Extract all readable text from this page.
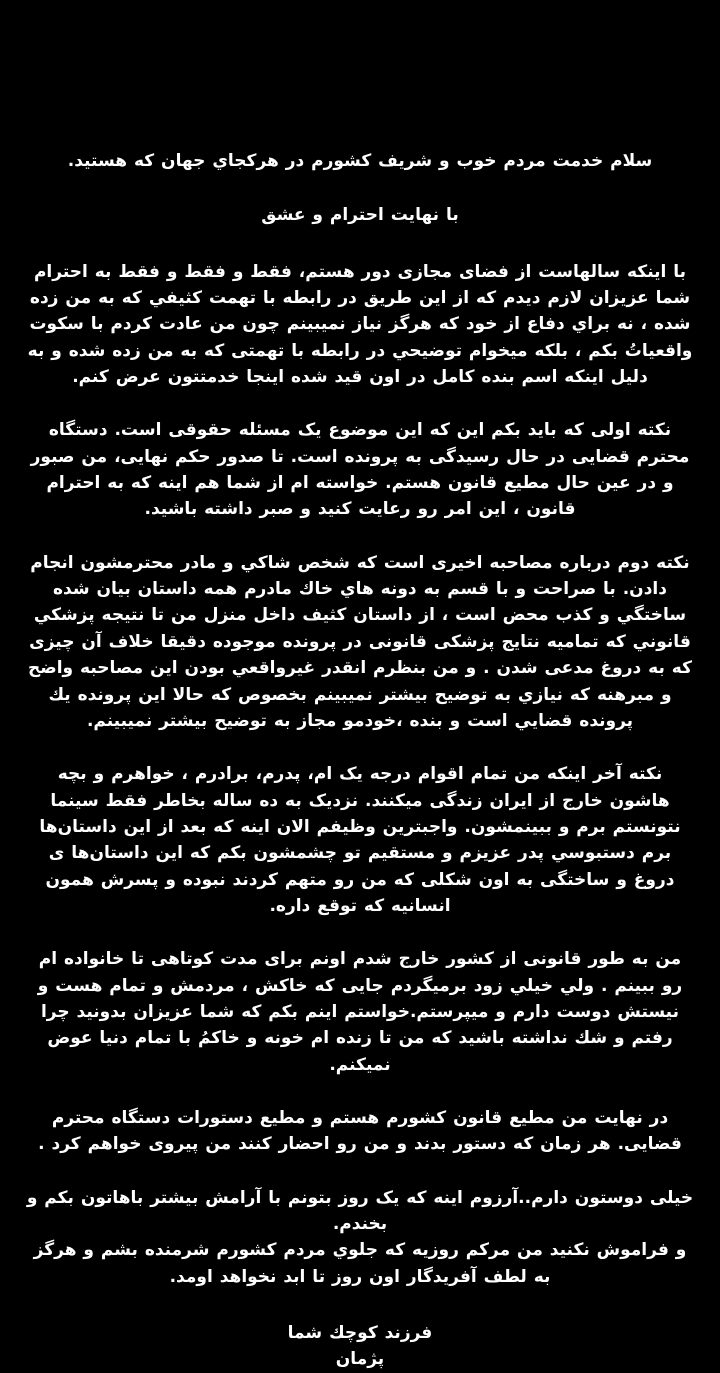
سلام خدمت مردم خوب و شریف کشورم در هرکجاي جهان که هستید.

با نهایت احترام و عشق

با اینکه سالهاست از فضای مجازی دور هستم، فقط و فقط و فقط به احترام شما عزیزان لازم دیدم که از این طریق در رابطه با تهمت کثیفي که به من زده شده ، نه براي دفاع از خود که هرگز نیاز نمیبینم چون من عادت کردم با سکوت واقعیاتُ بکم ، بلکه میخوام توضیحي در رابطه با تهمتی که به من زده شده و به دلیل اینکه اسم بنده کامل در اون قید شده اینجا خدمتتون عرض کنم.

نکته اولی که باید بکم این که این موضوع یک مسئله حقوقی است. دستگاه محترم قضایی در حال رسیدگی به پرونده است. تا صدور حکم نهایی، من صبور و در عین حال مطیع قانون هستم. خواسته ام از شما هم اینه که به احترام قانون ، این امر رو رعایت کنید و صبر داشته باشید.

نکته دوم درباره مصاحبه اخیری است که شخص شاکي و مادر محترمشون انجام دادن. با صراحت و با قسم به دونه هاي خاك مادرم همه داستان بیان شده ساختگي و کذب محض است ، از داستان کثیف داخل منزل من تا نتیجه پزشكي قانوني که تمامیه نتایج پزشکی قانونی در پرونده موجوده دقیقا خلاف آن چیزی که به دروغ مدعی شدن . و من بنظرم انقدر غیرواقعي بودن این مصاحبه واضح و مبرهنه که نیازي به توضیح بیشتر نمیبینم بخصوص که حالا این پرونده یك پرونده قضايي است و بنده ،خودمو مجاز به توضیح بیشتر نمیبینم.

نکته آخر اینکه من تمام اقوام درجه یک ام، پدرم، برادرم ، خواهرم و بچه هاشون خارج از ایران زندگی میکنند. نزدیک به ده ساله بخاطر فقط سینما نتونستم برم و ببینمشون. واجبترین وظیفم الان اینه که بعد از این داستان‌ها برم دستبوسي پدر عزیزم و مستقیم تو چشمشون بکم که این داستان‌ها ی دروغ و ساختگی به اون شکلی که من رو متهم کردند نبوده و پسرش همون انسانیه که توقع داره.

من به طور قانونی از کشور خارج شدم اونم برای مدت کوتاهی تا خانواده ام رو ببینم . ولي خیلي زود برمیگردم جایی که خاکش ، مردمش و تمام هست و نیستش دوست دارم و میپرستم.خواستم اینم بکم که شما عزیزان بدونید چرا رفتم و شك نداشته باشید که من تا زنده ام خونه و خاکمُ با تمام دنیا عوض نمیکنم.

در نهایت من مطیع قانون کشورم هستم و مطیع دستورات دستگاه محترم قضایی. هر زمان که دستور بدند و من رو احضار کنند من پیروی خواهم کرد .

خیلی دوستون دارم..آرزوم اینه که یک روز بتونم با آرامش بیشتر باهاتون بکم و بخندم.

و فراموش نکنید من مرکم روزیه که جلوي مردم کشورم شرمنده بشم و هرگز به لطف آفریدگار اون روز تا ابد نخواهد اومد.

فرزند کوچك شما

پژمان
